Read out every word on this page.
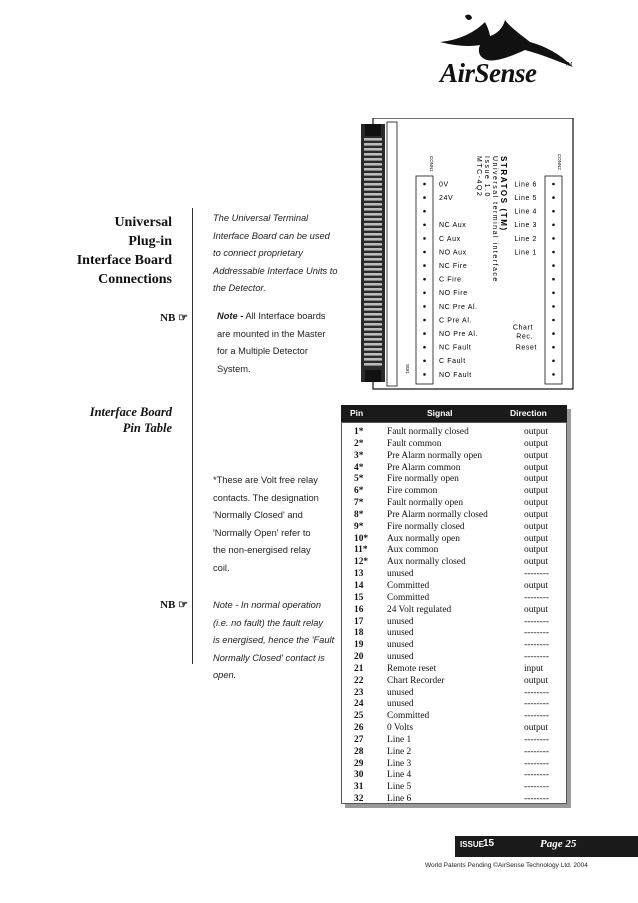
AirSense	TM
Universal
Plug-in
Interface Board
Connections
NB ☞
Interface Board
Pin Table
NB ☞
The Universal Terminal
Interface Board can be used
to connect proprietary
Addressable Interface Units to
the Detector.
Note - All Interface boards
are mounted in the Master
for a Multiple Detector
System.
*These are Volt free relay
contacts. The designation
'Normally Closed' and
'Normally Open' refer to
the non-energised relay
coil.
Note - In normal operation
(i.e. no fault) the fault relay
is energised, hence the 'Fault
Normally Closed' contact is
open.
STRATOS (TM)
Universal terminal interface
Issue 1.0
MTC-4Q2
CONN1	CONN2
SW1
0V
24V
NC Aux
C Aux
NO Aux
NC Fire
C Fire
NO Fire
NC Pre Al.
C Pre Al.
NO Pre Al.
NC Fault
C Fault
NO Fault
Line 6
Line 5
Line 4
Line 3
Line 2
Line 1
Chart
Rec.
Reset
Pin	Signal	Direction
1*	Fault normally closed	output
2*	Fault common	output
3*	Pre Alarm normally open	output
4*	Pre Alarm common	output
5*	Fire normally open	output
6*	Fire common	output
7*	Fault normally open	output
8*	Pre Alarm normally closed	output
9*	Fire normally closed	output
10* Aux normally open	output
11* Aux common	output
12* Aux normally closed	output
13	unused	--------
14	Committed	output
15	Committed	--------
16	24 Volt regulated	output
17	unused	--------
18	unused	--------
19	unused	--------
20	unused	--------
21	Remote reset	input
22	Chart Recorder	output
23	unused	--------
24	unused	--------
25	Committed	--------
26	0 Volts	output
27	Line 1	--------
28	Line 2	--------
29	Line 3	--------
30	Line 4	--------
31	Line 5	--------
32	Line 6	--------
ISSUE
15	Page 25
World Patents Pending ©AirSense Technology Ltd. 2004
